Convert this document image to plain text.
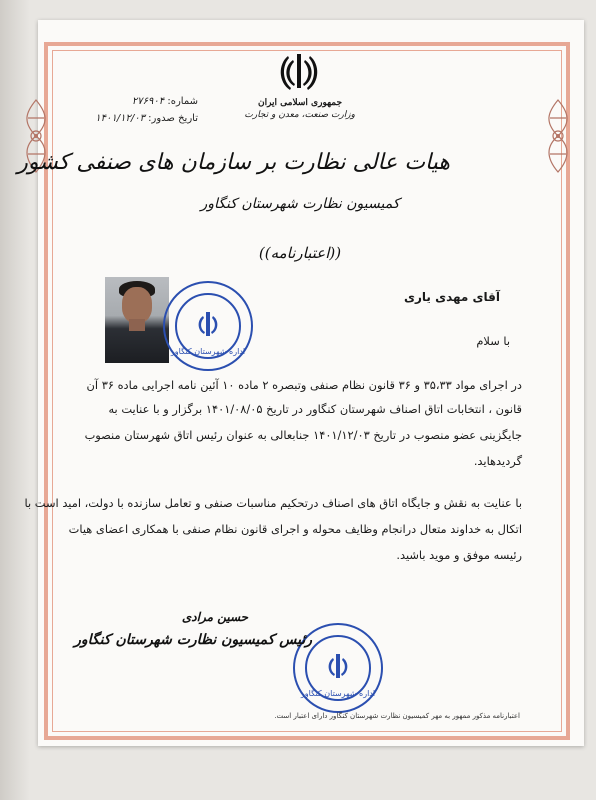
جمهوری اسلامی ایران
وزارت صنعت، معدن و تجارت
شماره: ۲۷۶۹۰۴
تاریخ صدور: ۱۴۰۱/۱۲/۰۳
هیات عالی نظارت بر سازمان های صنفی کشور
کمیسیون نظارت شهرستان کنگاور
((اعتبارنامه))
اداره شهرستان کنگاور
آقای مهدی یاری
با سلام
در اجرای مواد ۳۵،۳۳ و ۳۶ قانون نظام صنفی وتبصره ۲ ماده ۱۰ آئین نامه اجرایی ماده ۳۶ آن
قانون ، انتخابات اتاق اصناف شهرستان کنگاور در تاریخ ۱۴۰۱/۰۸/۰۵ برگزار و با عنایت به
جایگزینی عضو منصوب در تاریخ ۱۴۰۱/۱۲/۰۳ جنابعالی به عنوان رئیس اتاق شهرستان منصوب
گردیدهاید.
با عنایت به نقش و جایگاه اتاق های اصناف درتحکیم مناسبات صنفی و تعامل سازنده با دولت، امید است با
اتکال به خداوند متعال درانجام وظایف محوله و اجرای قانون نظام صنفی با همکاری اعضای هیات
رئیسه موفق و موید باشید.
اداره شهرستان کنگاور
حسین مرادی
رئیس کمیسیون نظارت شهرستان کنگاور
اعتبارنامه مذکور ممهور به مهر کمیسیون نظارت شهرستان کنگاور دارای اعتبار است.
